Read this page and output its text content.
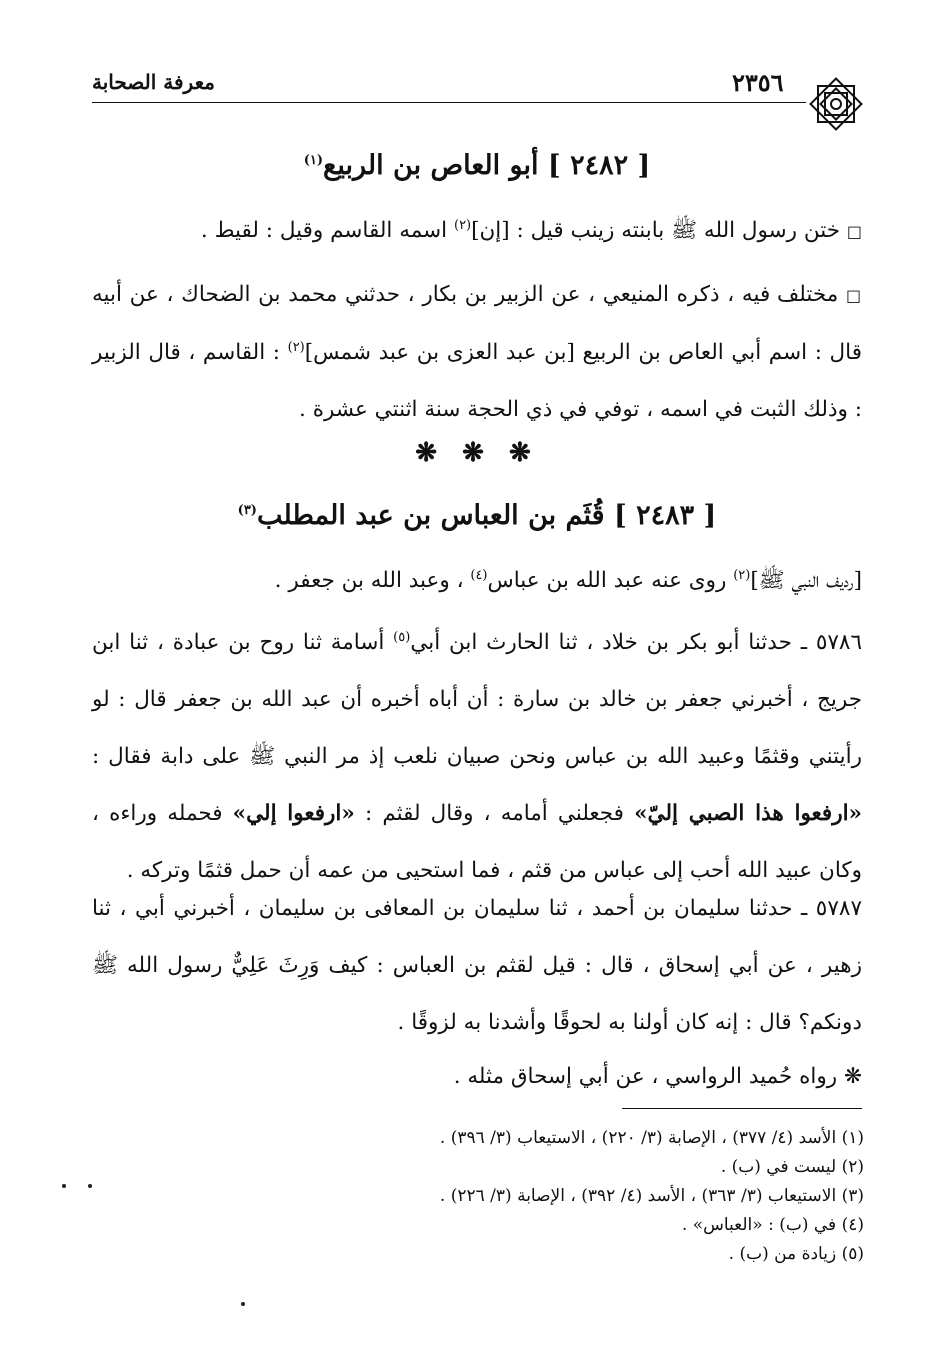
معرفة الصحابة	٢٣٥٦
[ ٢٤٨٢ ] أبو العاص بن الربيع$^{(١)}$
□ ختن رسول الله ﷺ بابنته زينب قيل : [إن]$^{(٢)}$ اسمه القاسم وقيل : لقيط .
□ مختلف فيه ، ذكره المنيعي ، عن الزبير بن بكار ، حدثني محمد بن الضحاك ، عن أبيه قال : اسم أبي العاص بن الربيع [بن عبد العزى بن عبد شمس]$^{(٢)}$ : القاسم ، قال الزبير : وذلك الثبت في اسمه ، توفي في ذي الحجة سنة اثنتي عشرة .
❋ ❋ ❋
[ ٢٤٨٣ ] قُثَم بن العباس بن عبد المطلب$^{(٣)}$
[رديف النبي ﷺ]$^{(٢)}$ روى عنه عبد الله بن عباس$^{(٤)}$ ، وعبد الله بن جعفر .
٥٧٨٦ ـ حدثنا أبو بكر بن خلاد ، ثنا الحارث ابن أبي$^{(٥)}$ أسامة ثنا روح بن عبادة ، ثنا ابن جريج ، أخبرني جعفر بن خالد بن سارة : أن أباه أخبره أن عبد الله بن جعفر قال : لو رأيتني وقثمًا وعبيد الله بن عباس ونحن صبيان نلعب إذ مر النبي ﷺ على دابة فقال : «ارفعوا هذا الصبي إليّ» فجعلني أمامه ، وقال لقثم : «ارفعوا إلي» فحمله وراءه ، وكان عبيد الله أحب إلى عباس من قثم ، فما استحيى من عمه أن حمل قثمًا وتركه .
٥٧٨٧ ـ حدثنا سليمان بن أحمد ، ثنا سليمان بن المعافى بن سليمان ، أخبرني أبي ، ثنا زهير ، عن أبي إسحاق ، قال : قيل لقثم بن العباس : كيف وَرِثَ عَلِيٌّ رسول الله ﷺ دونكم؟ قال : إنه كان أولنا به لحوقًا وأشدنا به لزوقًا .
❋ رواه حُميد الرواسي ، عن أبي إسحاق مثله .
(١) الأسد (٤/ ٣٧٧) ، الإصابة (٣/ ٢٢٠) ، الاستيعاب (٣/ ٣٩٦) .
(٢) ليست في (ب) .
(٣) الاستيعاب (٣/ ٣٦٣) ، الأسد (٤/ ٣٩٢) ، الإصابة (٣/ ٢٢٦) .
(٤) في (ب) : «العباس» .
(٥) زيادة من (ب) .
